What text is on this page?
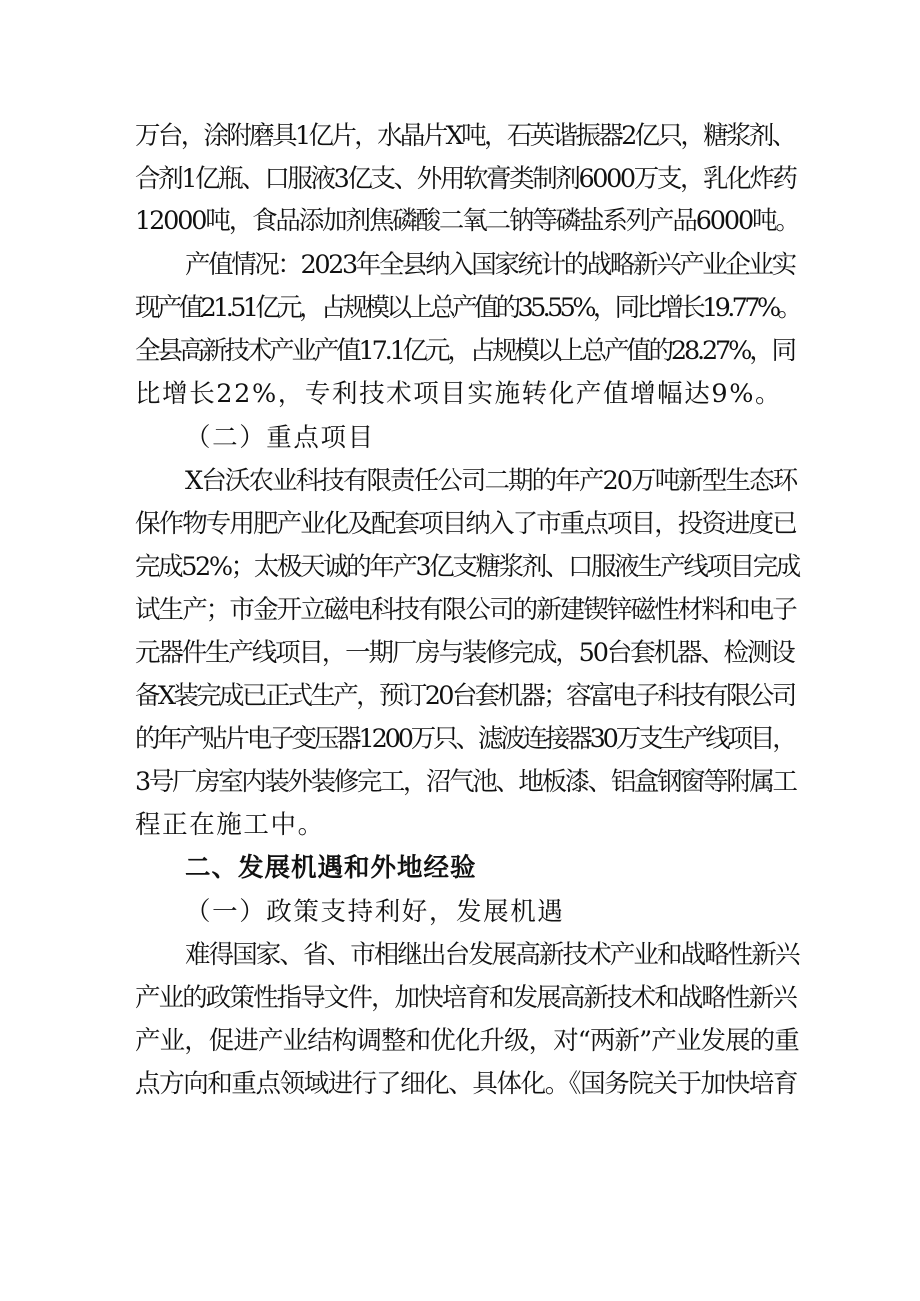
万台，涂附磨具1亿片，水晶片X吨，石英谐振器2亿只，糖浆剂、
合剂1亿瓶、口服液3亿支、外用软膏类制剂6000万支，乳化炸药
12000吨，食品添加剂焦磷酸二氧二钠等磷盐系列产品6000吨。
产值情况：2023年全县纳入国家统计的战略新兴产业企业实
现产值21.51亿元，占规模以上总产值的35.55%，同比增长19.77%。
全县高新技术产业产值17.1亿元，占规模以上总产值的28.27%，同
比增长22%，专利技术项目实施转化产值增幅达9%。
（二）重点项目
X台沃农业科技有限责任公司二期的年产20万吨新型生态环
保作物专用肥产业化及配套项目纳入了市重点项目，投资进度已
完成52%；太极天诚的年产3亿支糖浆剂、口服液生产线项目完成
试生产；市金开立磁电科技有限公司的新建锲锌磁性材料和电子
元器件生产线项目，一期厂房与装修完成，50台套机器、检测设
备X装完成已正式生产，预订20台套机器；容富电子科技有限公司
的年产贴片电子变压器1200万只、滤波连接器30万支生产线项目，
3号厂房室内装外装修完工，沼气池、地板漆、铝盒钢窗等附属工
程正在施工中。
二、发展机遇和外地经验
（一）政策支持利好，发展机遇
难得国家、省、市相继出台发展高新技术产业和战略性新兴
产业的政策性指导文件，加快培育和发展高新技术和战略性新兴
产业，促进产业结构调整和优化升级，对“两新”产业发展的重
点方向和重点领域进行了细化、具体化。《国务院关于加快培育
